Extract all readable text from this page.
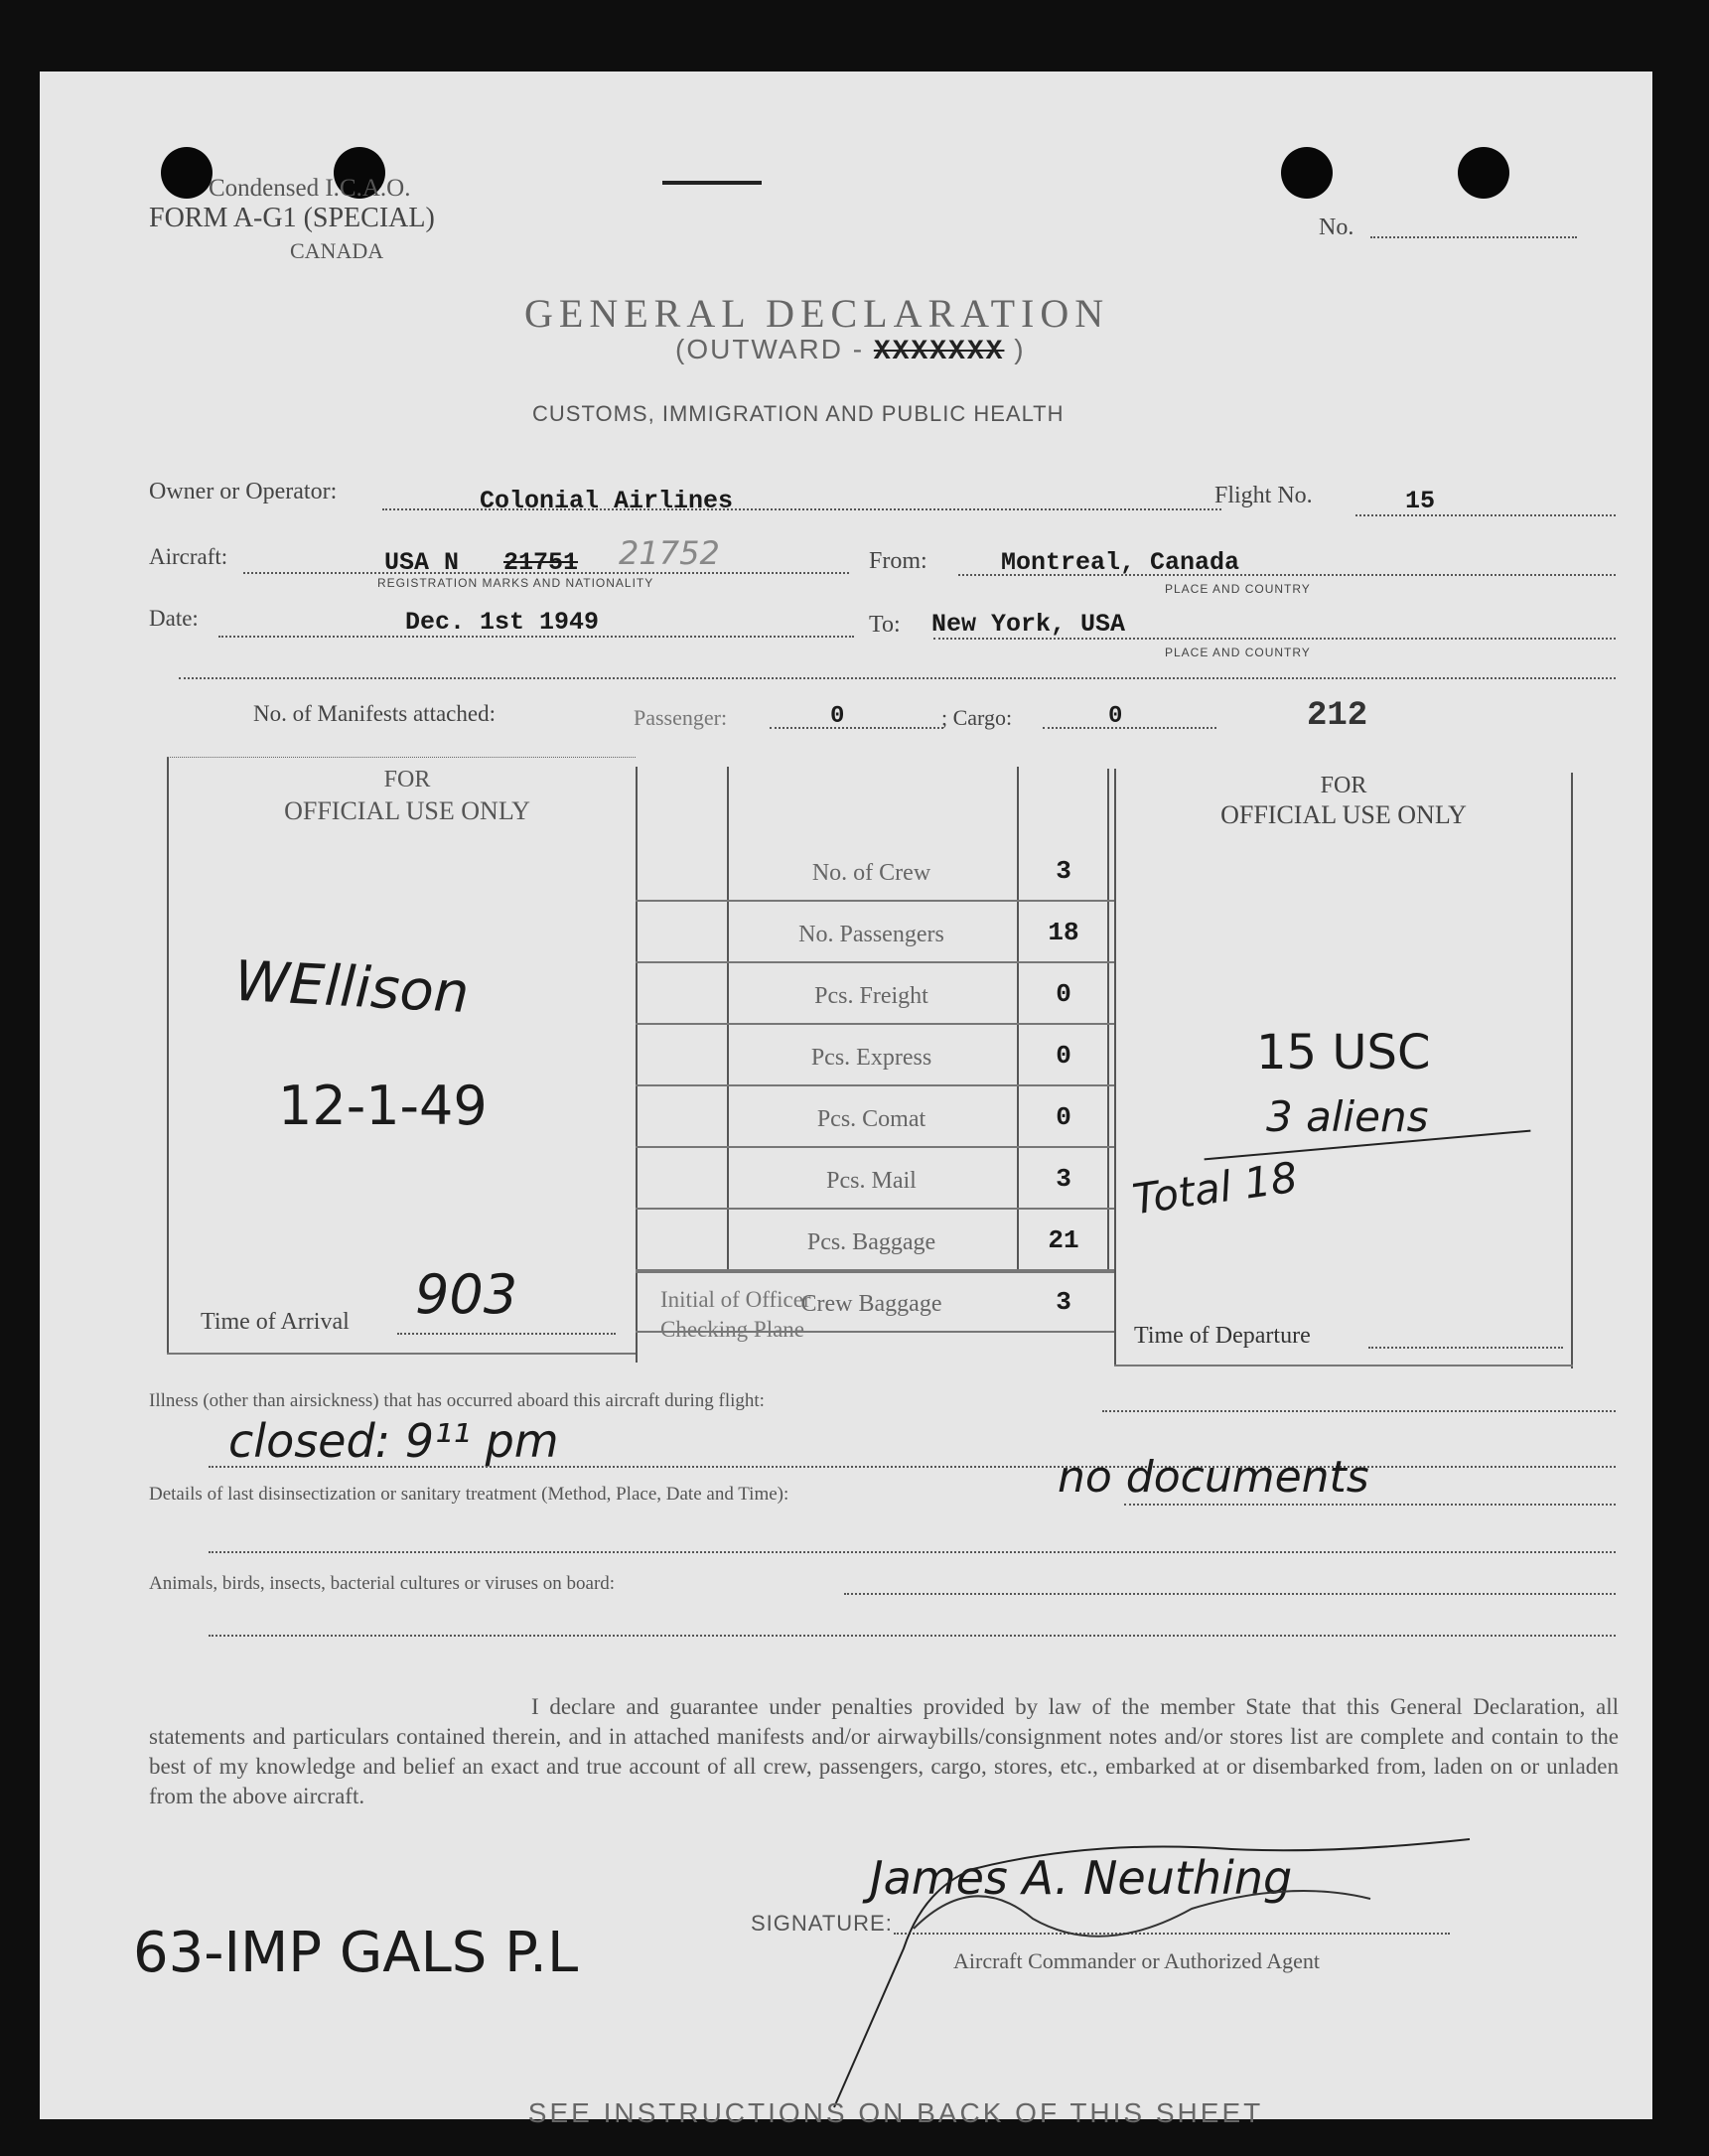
Condensed I.C.A.O.
FORM A-G1 (SPECIAL)
CANADA
No.
GENERAL DECLARATION
(OUTWARD - XXXXXXX )
CUSTOMS, IMMIGRATION AND PUBLIC HEALTH
Owner or Operator:	Colonial Airlines	Flight No.	15
Aircraft:	USA N 21751 21752
REGISTRATION MARKS AND NATIONALITY
From:	Montreal, Canada
PLACE AND COUNTRY
Date:	Dec. 1st 1949	To: New York, USA
PLACE AND COUNTRY
No. of Manifests attached:	Passenger:	0	; Cargo:	0	212
FOR
OFFICIAL USE ONLY
WEllison
12-1-49
Time of Arrival 903
No. of Crew	3
No. Passengers	18
Pcs. Freight	0
Pcs. Express	0
Pcs. Comat	0
Pcs. Mail	3
Pcs. Baggage	21
Crew Baggage	3
Initial of Officer
Checking Plane
FOR
OFFICIAL USE ONLY
15 USC
3 aliens
Total 18
Time of Departure
Illness (other than airsickness) that has occurred aboard this aircraft during flight:
closed: 9¹¹ pm
Details of last disinsectization or sanitary treatment (Method, Place, Date and Time):	no documents
Animals, birds, insects, bacterial cultures or viruses on board:
I declare and guarantee under penalties provided by law of the member State that this General Declaration, all statements and particulars contained therein, and in attached manifests and/or airwaybills/consignment notes and/or stores list are complete and contain to the best of my knowledge and belief an exact and true account of all crew, passengers, cargo, stores, etc., embarked at or disembarked from, laden on or unladen from the above aircraft.
SIGNATURE:
James A. Neuthing
Aircraft Commander or Authorized Agent
63-IMP GALS P.L
SEE INSTRUCTIONS ON BACK OF THIS SHEET
